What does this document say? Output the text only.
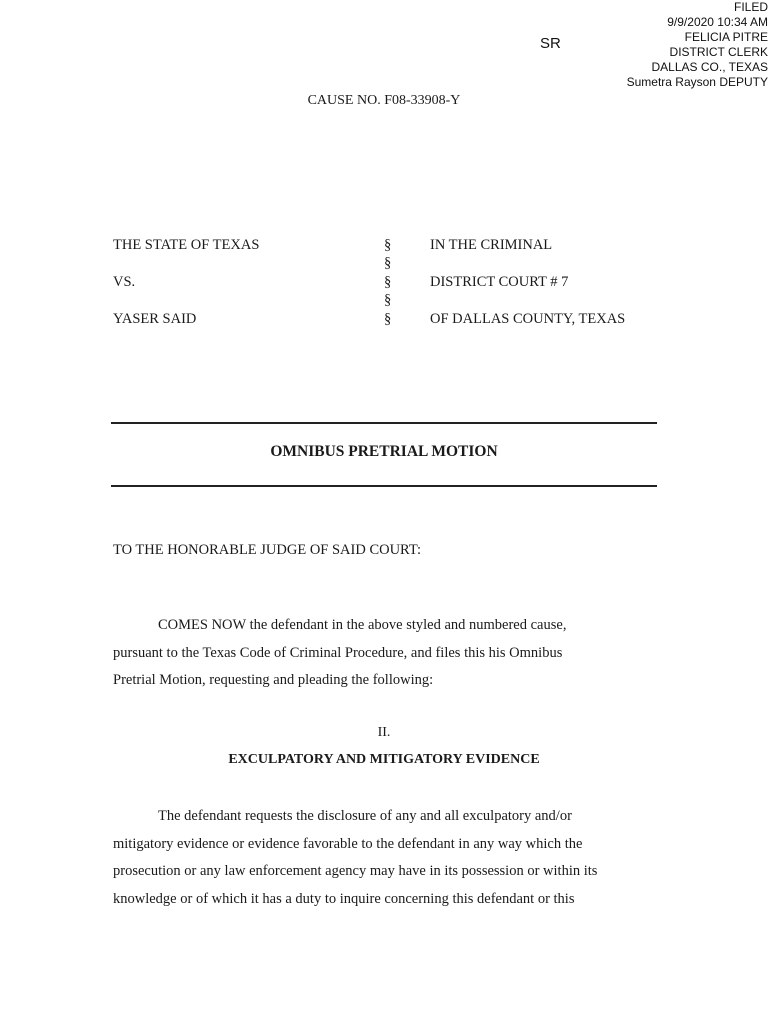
FILED
9/9/2020 10:34 AM
FELICIA PITRE
DISTRICT CLERK
DALLAS CO., TEXAS
Sumetra Rayson DEPUTY
SR
CAUSE NO. F08-33908-Y
THE STATE OF TEXAS
VS.
YASER SAID
§
§
§
§
§
IN THE CRIMINAL
DISTRICT COURT # 7
OF DALLAS COUNTY, TEXAS
OMNIBUS PRETRIAL MOTION
TO THE HONORABLE JUDGE OF SAID COURT:
COMES NOW the defendant in the above styled and numbered cause,
pursuant to the Texas Code of Criminal Procedure, and files this his Omnibus
Pretrial Motion, requesting and pleading the following:
II.
EXCULPATORY AND MITIGATORY EVIDENCE
The defendant requests the disclosure of any and all exculpatory and/or
mitigatory evidence or evidence favorable to the defendant in any way which the
prosecution or any law enforcement agency may have in its possession or within its
knowledge or of which it has a duty to inquire concerning this defendant or this
